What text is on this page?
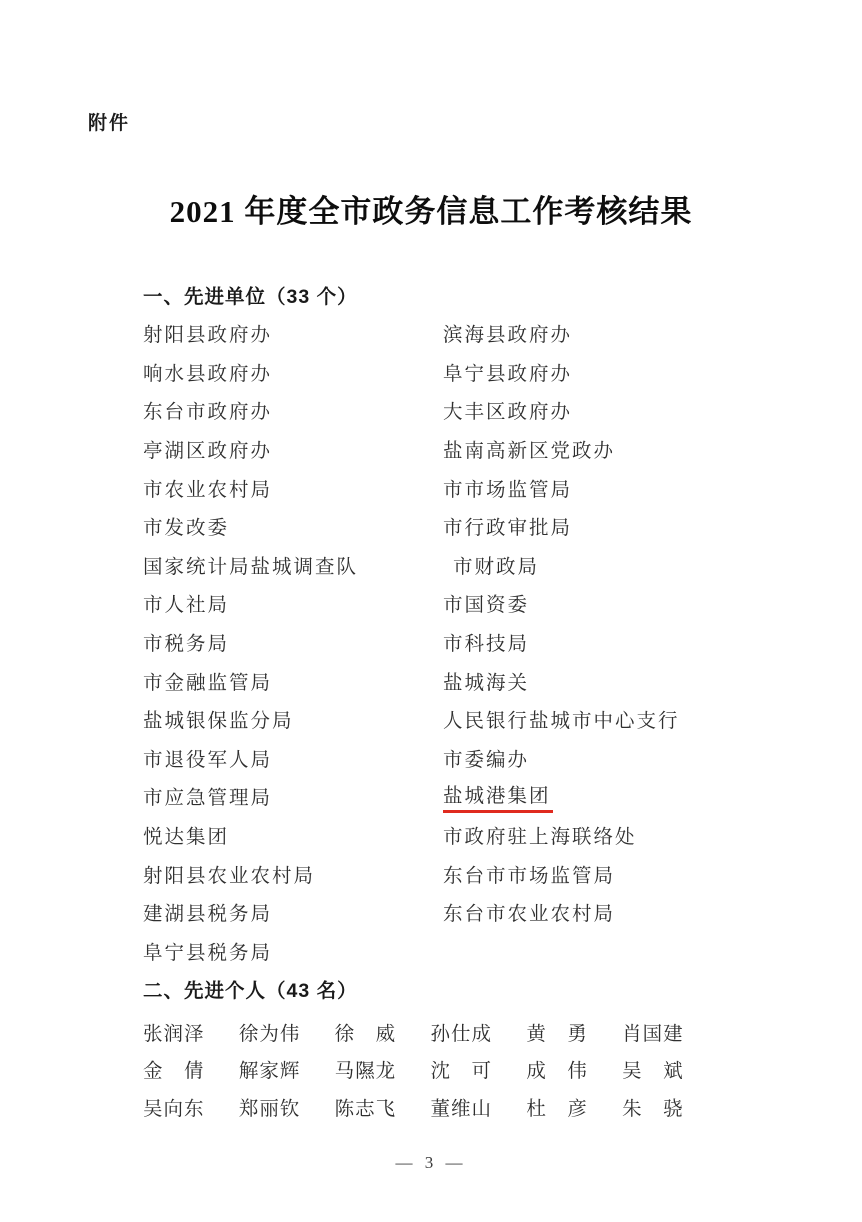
附件
2021 年度全市政务信息工作考核结果
一、先进单位（33 个）
射阳县政府办	滨海县政府办
响水县政府办	阜宁县政府办
东台市政府办	大丰区政府办
亭湖区政府办	盐南高新区党政办
市农业农村局	市市场监管局
市发改委	市行政审批局
国家统计局盐城调查队	市财政局
市人社局	市国资委
市税务局	市科技局
市金融监管局	盐城海关
盐城银保监分局	人民银行盐城市中心支行
市退役军人局	市委编办
市应急管理局	盐城港集团
悦达集团	市政府驻上海联络处
射阳县农业农村局	东台市市场监管局
建湖县税务局	东台市农业农村局
阜宁县税务局
二、先进个人（43 名）
张润泽	徐为伟	徐　威	孙仕成	黄　勇	肖国建
金　倩	解家辉	马隰龙	沈　可	成　伟	吴　斌
吴向东	郑丽钦	陈志飞	董维山	杜　彦	朱　骁
— 3 —
